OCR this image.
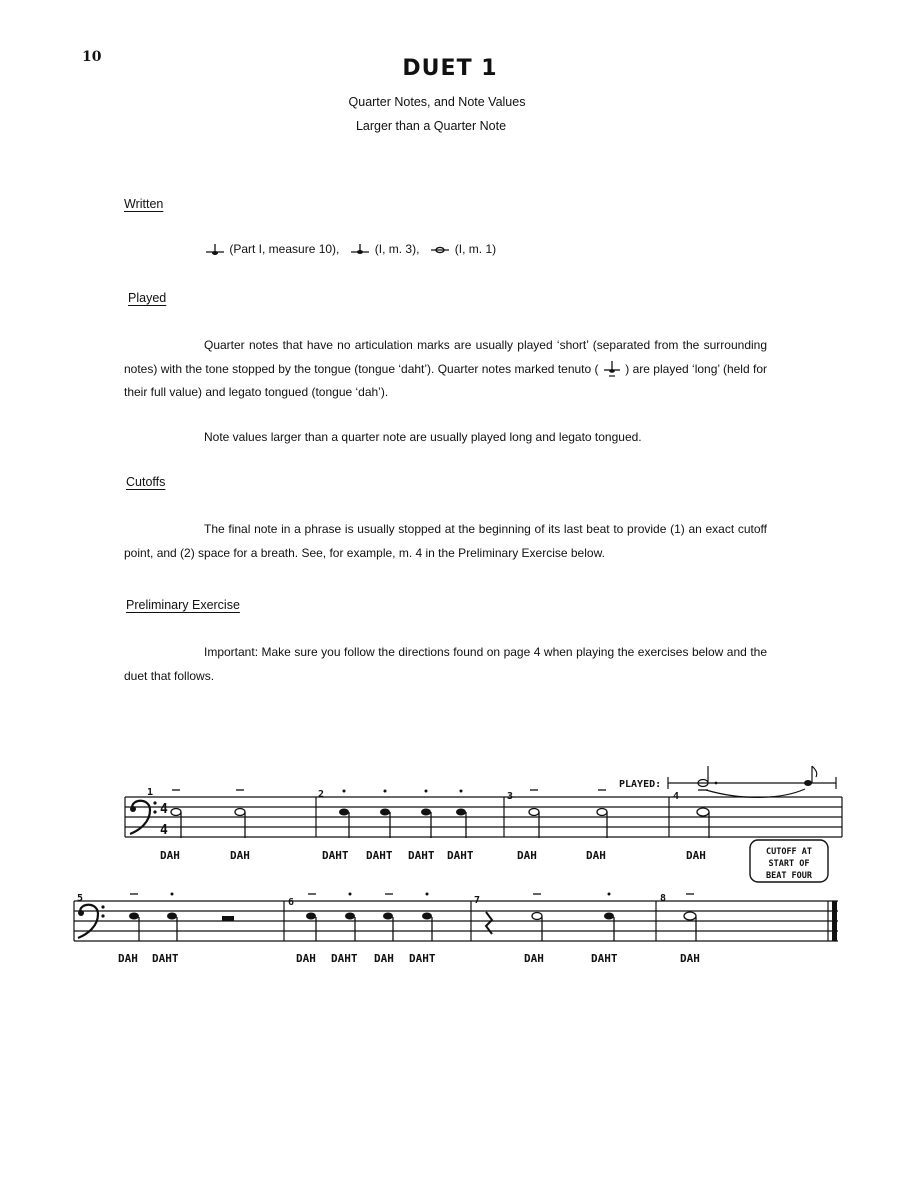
10	DUET 1
Quarter Notes, and Note Values
Larger than a Quarter Note
Written
(Part I, measure 10),	(I, m. 3),	(I, m. 1)
Played
Quarter notes that have no articulation marks are usually played ‘short’ (separated from the surrounding notes) with the tone stopped by the tongue (tongue ‘daht’). Quarter notes marked tenuto ( ) are played ‘long’ (held for their full value) and legato tongued (tongue ‘dah’).
Note values larger than a quarter note are usually played long and legato tongued.
Cutoffs
The final note in a phrase is usually stopped at the beginning of its last beat to provide (1) an exact cutoff point, and (2) space for a breath. See, for example, m. 4 in the Preliminary Exercise below.
Preliminary Exercise
Important: Make sure you follow the directions found on page 4 when playing the exercises below and the duet that follows.
4
4
1	2	3	4
5	6	7	8
PLAYED:
CUTOFF AT
START OF
BEAT FOUR
DAH	DAH	DAHT DAHT DAHT DAHT	DAH	DAH	DAH
DAH DAHT	DAH DAHT DAH DAHT	DAH	DAHT	DAH
